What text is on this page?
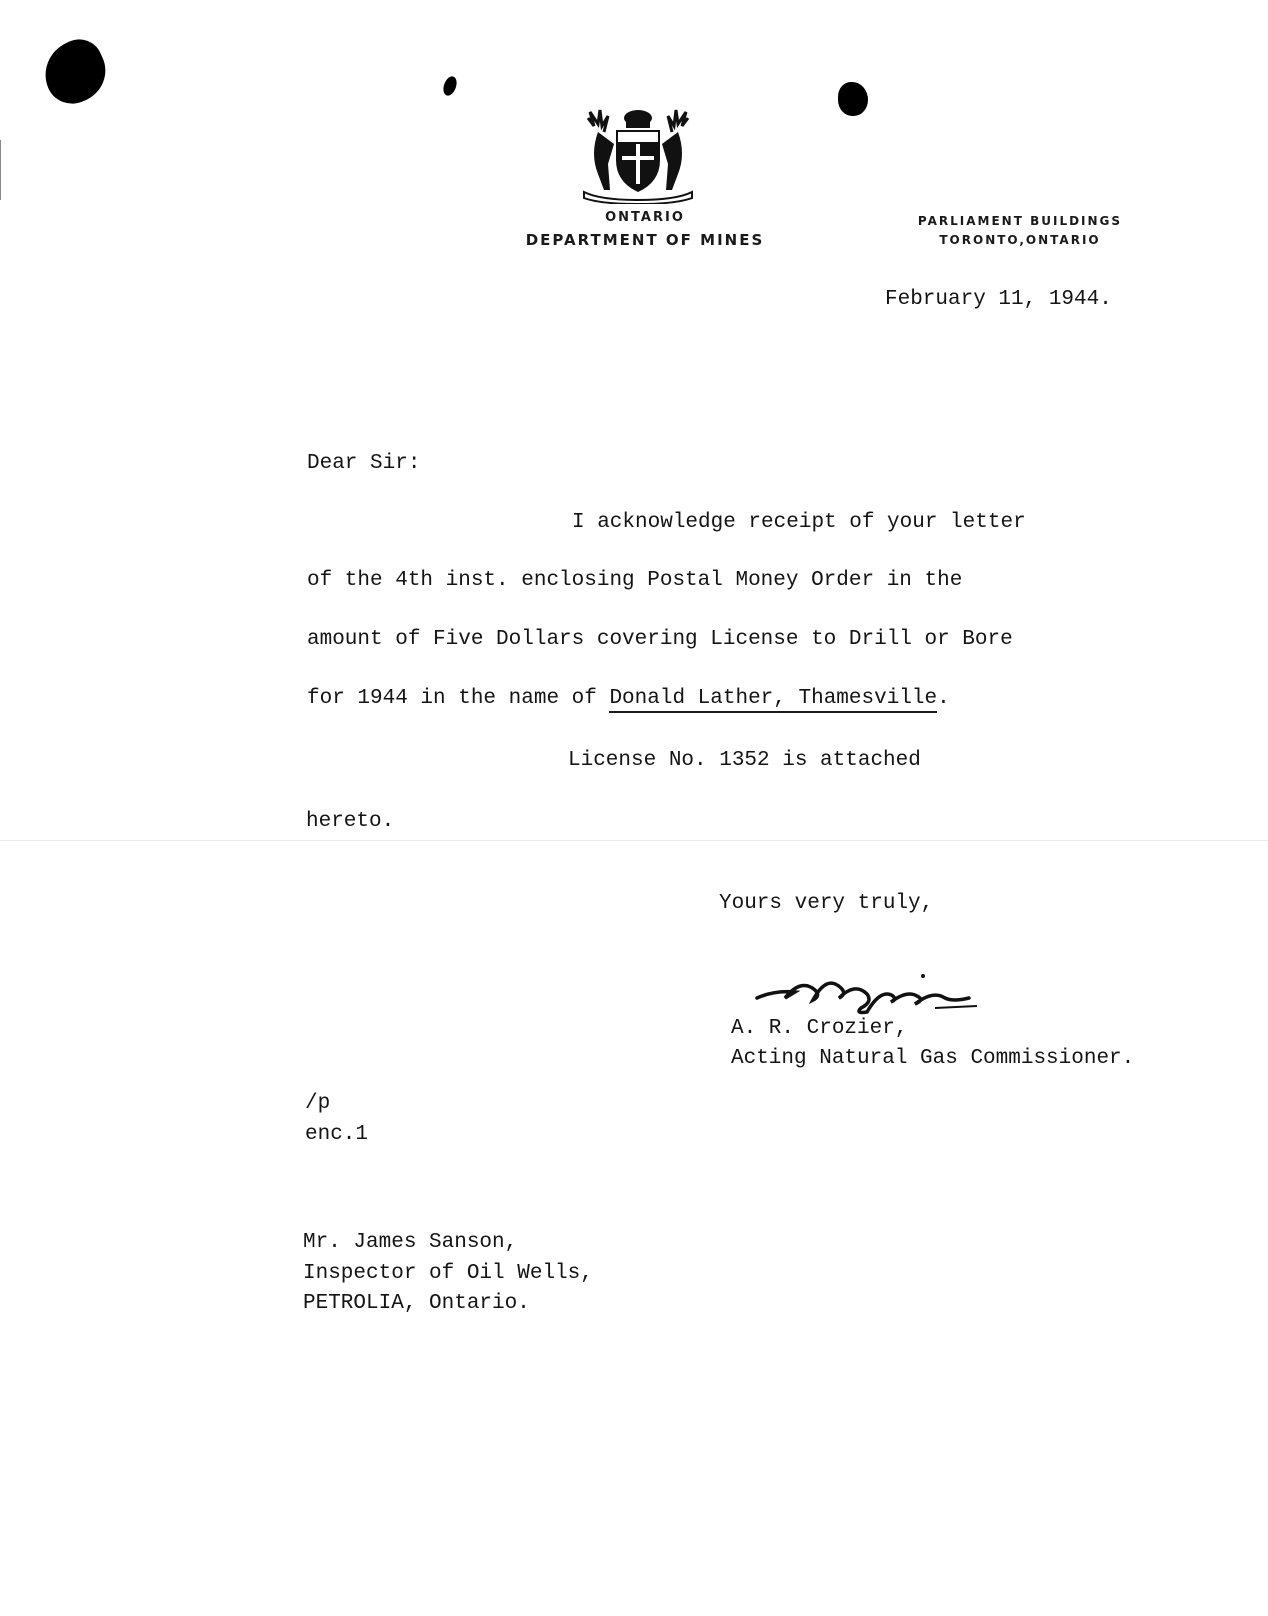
ONTARIO
DEPARTMENT OF MINES
PARLIAMENT BUILDINGS
TORONTO,ONTARIO
February 11, 1944.
Dear Sir:
I acknowledge receipt of your letter
of the 4th inst. enclosing Postal Money Order in the
amount of Five Dollars covering License to Drill or Bore
for 1944 in the name of Donald Lather, Thamesville.
License No. 1352 is attached
hereto.
Yours very truly,
A. R. Crozier,
Acting Natural Gas Commissioner.
/p
enc.1
Mr. James Sanson,
Inspector of Oil Wells,
PETROLIA, Ontario.
